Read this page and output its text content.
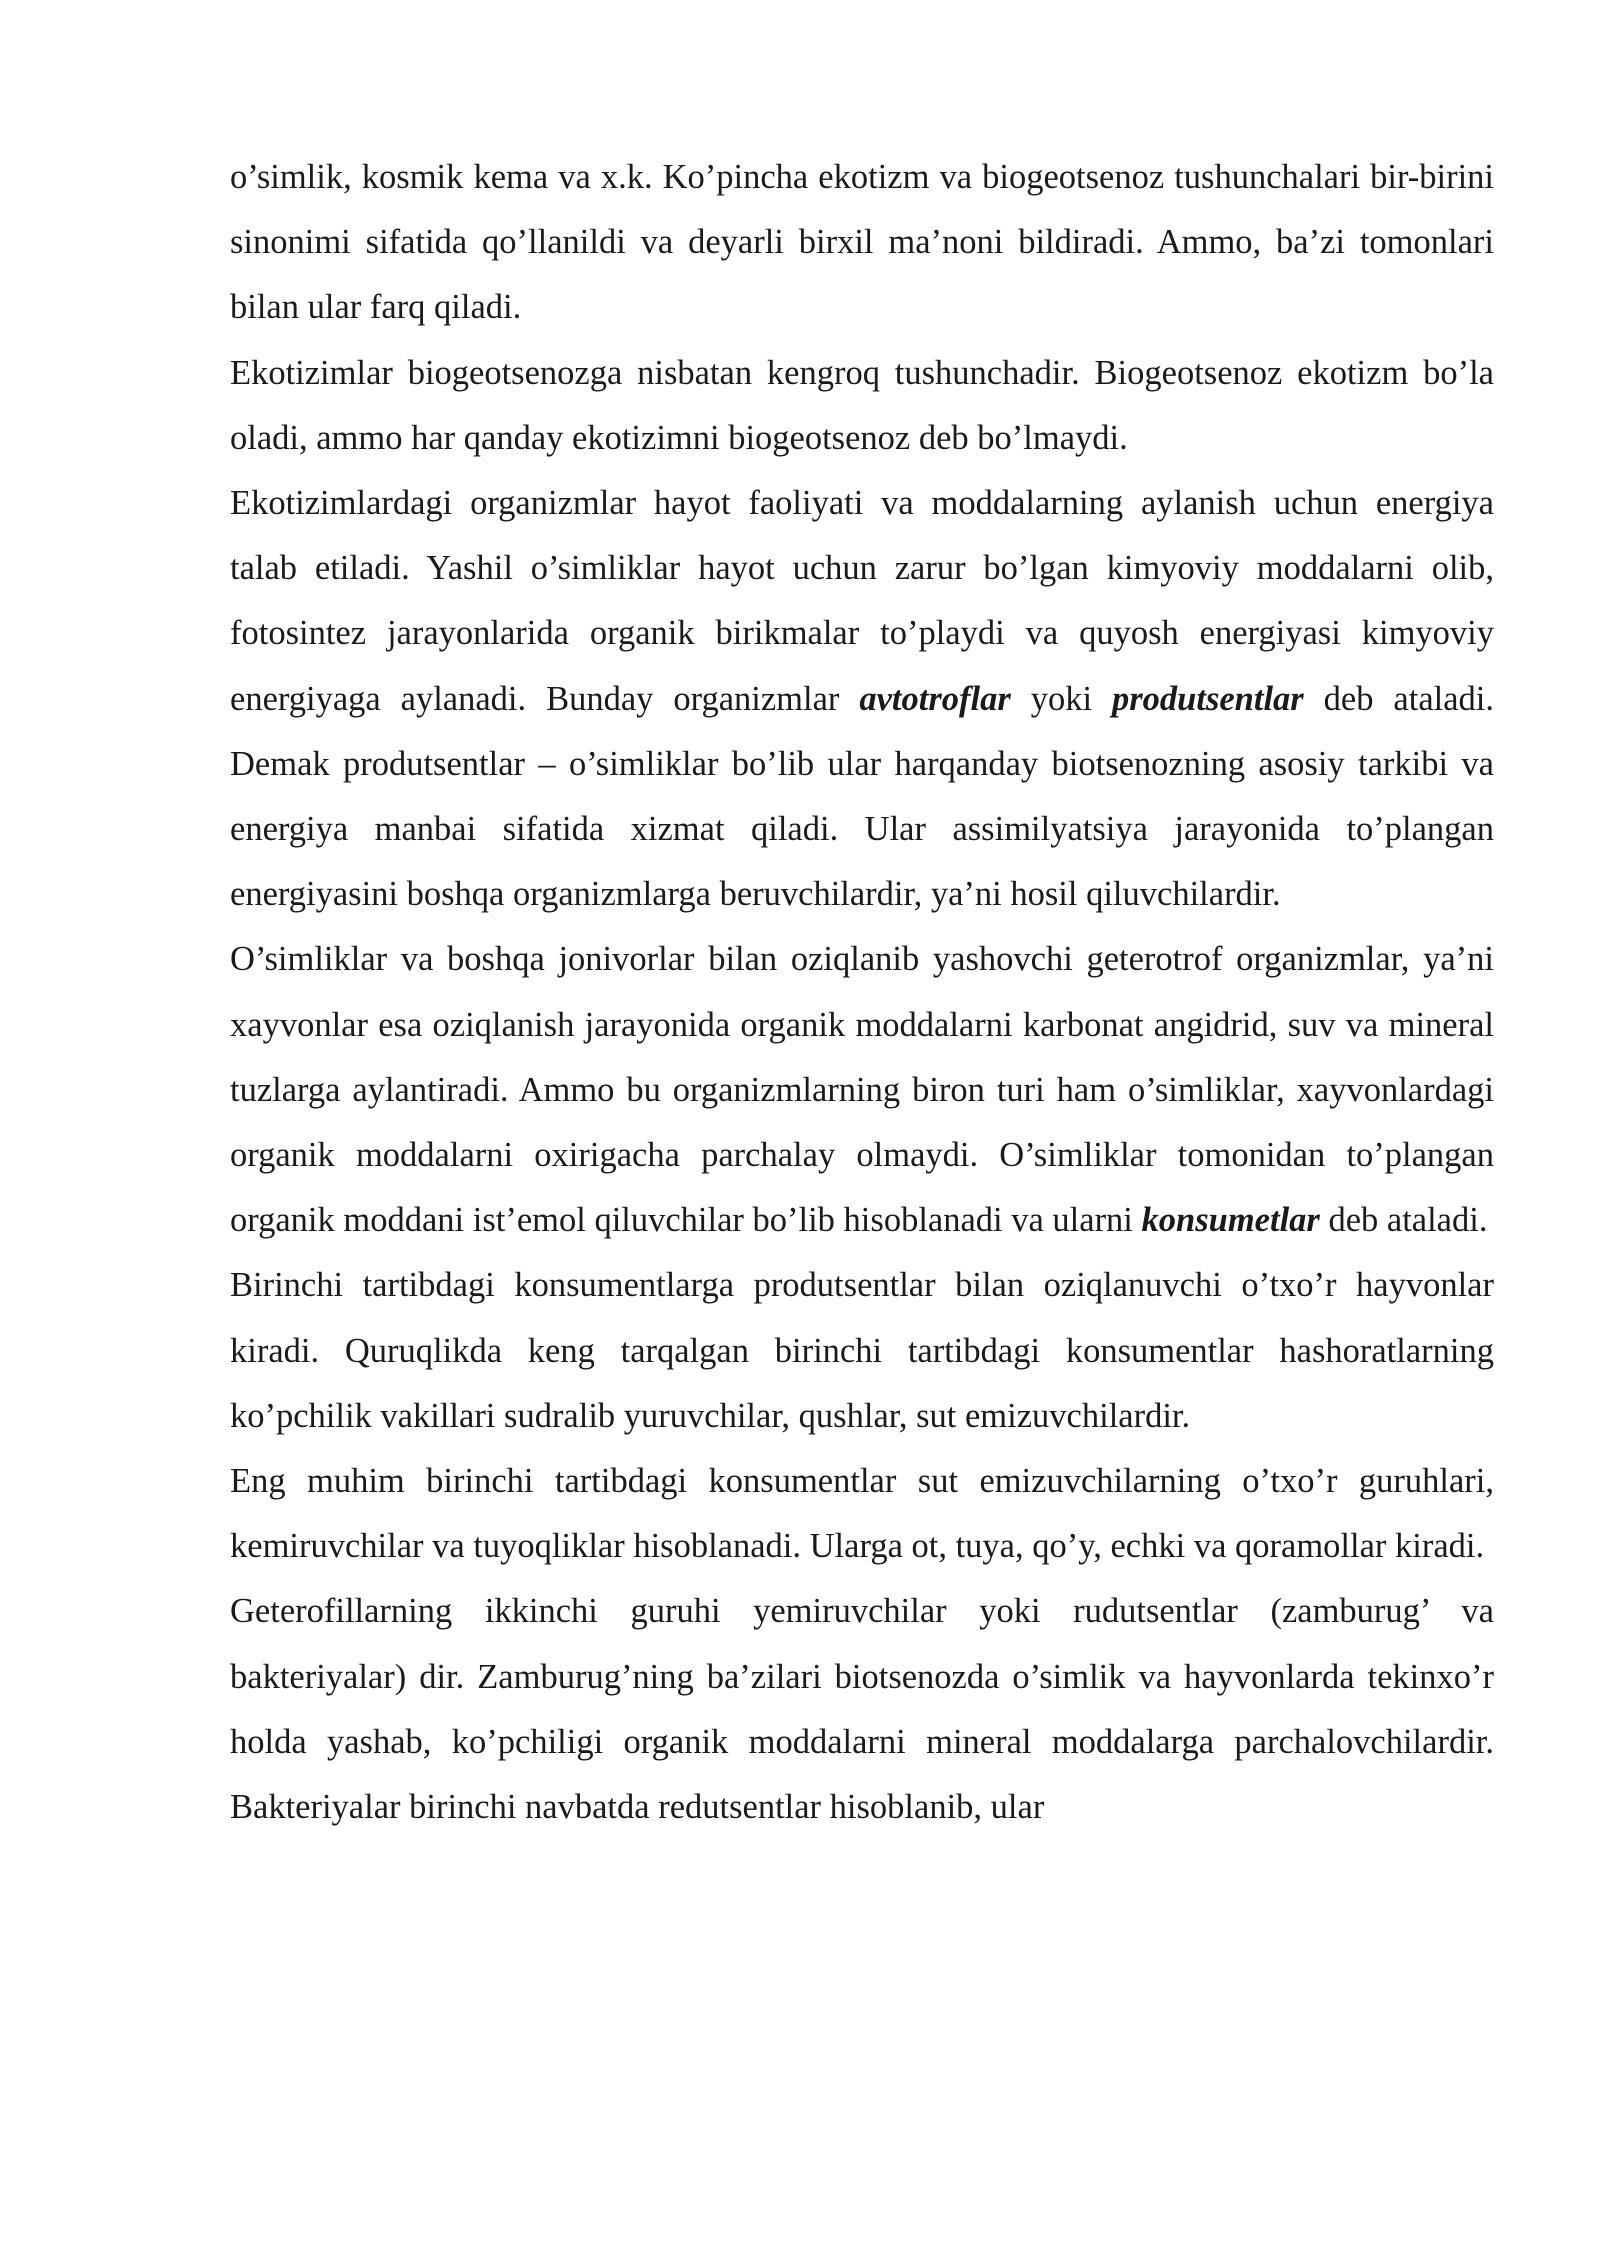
o’simlik, kosmik kema va x.k. Ko’pincha ekotizm va biogeotsenoz tushunchalari bir-birini sinonimi sifatida qo’llanildi va deyarli birxil ma’noni bildiradi. Ammo, ba’zi tomonlari bilan ular farq qiladi.

Ekotizimlar biogeotsenozga nisbatan kengroq tushunchadir. Biogeotsenoz ekotizm bo’la oladi, ammo har qanday ekotizimni biogeotsenoz deb bo’lmaydi.

Ekotizimlardagi organizmlar hayot faoliyati va moddalarning aylanish uchun energiya talab etiladi. Yashil o’simliklar hayot uchun zarur bo’lgan kimyoviy moddalarni olib, fotosintez jarayonlarida organik birikmalar to’playdi va quyosh energiyasi kimyoviy energiyaga aylanadi. Bunday organizmlar avtotroflar yoki produtsentlar deb ataladi. Demak produtsentlar – o’simliklar bo’lib ular harqanday biotsenozning asosiy tarkibi va energiya manbai sifatida xizmat qiladi. Ular assimilyatsiya jarayonida to’plangan energiyasini boshqa organizmlarga beruvchilardir, ya’ni hosil qiluvchilardir.

O’simliklar va boshqa jonivorlar bilan oziqlanib yashovchi geterotrof organizmlar, ya’ni xayvonlar esa oziqlanish jarayonida organik moddalarni karbonat angidrid, suv va mineral tuzlarga aylantiradi. Ammo bu organizmlarning biron turi ham o’simliklar, xayvonlardagi organik moddalarni oxirigacha parchalay olmaydi. O’simliklar tomonidan to’plangan organik moddani ist’emol qiluvchilar bo’lib hisoblanadi va ularni konsumetlar deb ataladi.

Birinchi tartibdagi konsumentlarga produtsentlar bilan oziqlanuvchi o’txo’r hayvonlar kiradi. Quruqlikda keng tarqalgan birinchi tartibdagi konsumentlar hashoratlarning ko’pchilik vakillari sudralib yuruvchilar, qushlar, sut emizuvchilardir.

Eng muhim birinchi tartibdagi konsumentlar sut emizuvchilarning o’txo’r guruhlari, kemiruvchilar va tuyoqliklar hisoblanadi. Ularga ot, tuya, qo’y, echki va qoramollar kiradi.

Geterofillarning ikkinchi guruhi yemiruvchilar yoki rudutsentlar (zamburug’ va bakteriyalar) dir. Zamburug’ning ba’zilari biotsenozda o’simlik va hayvonlarda tekinxo’r holda yashab, ko’pchiligi organik moddalarni mineral moddalarga parchalovchilardir. Bakteriyalar birinchi navbatda redutsentlar hisoblanib, ular
